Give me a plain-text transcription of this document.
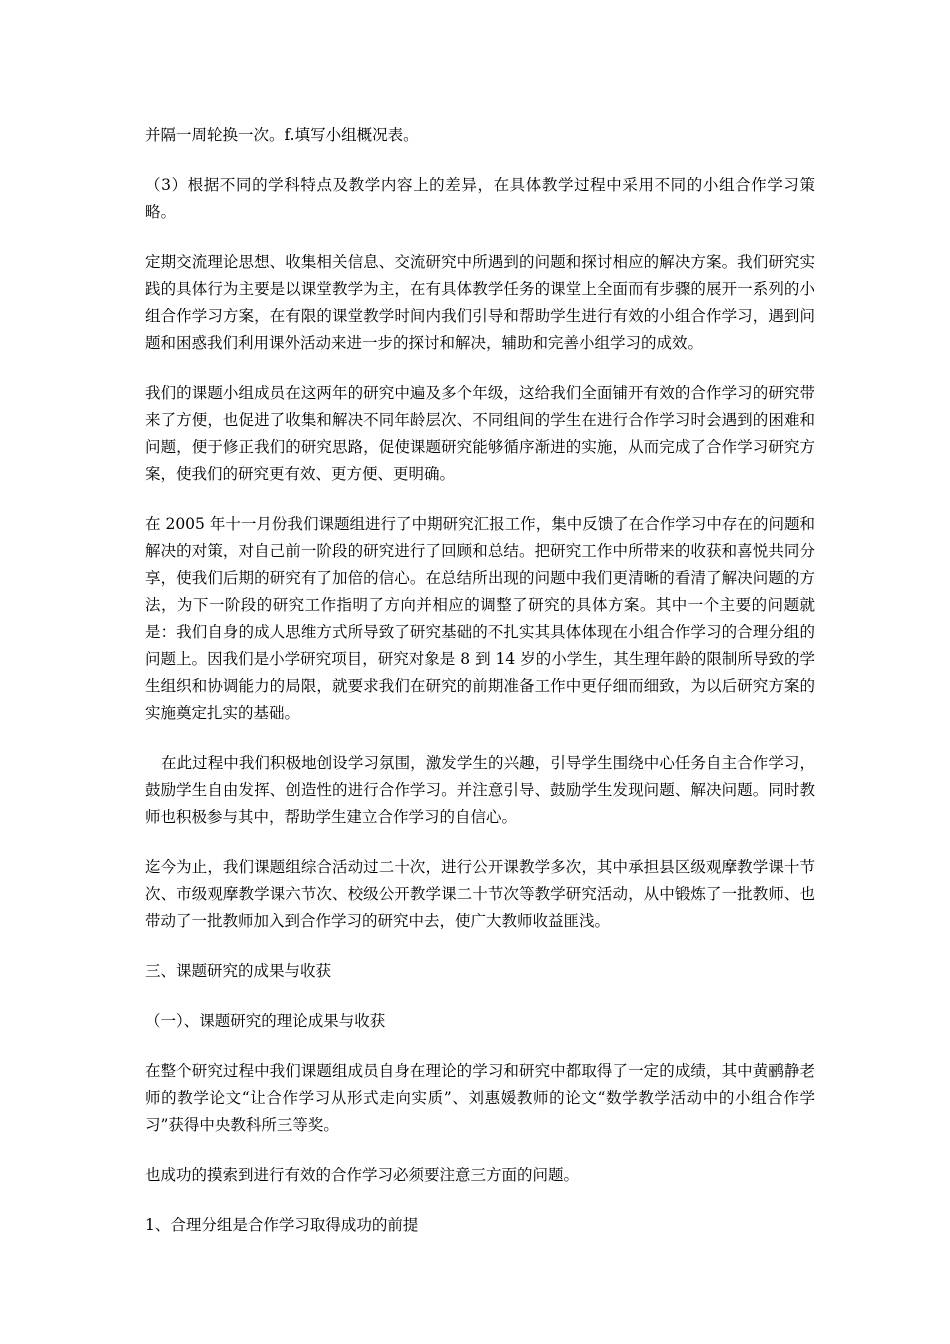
并隔一周轮换一次。f.填写小组概况表。

（3）根据不同的学科特点及教学内容上的差异，在具体教学过程中采用不同的小组合作学习策略。

定期交流理论思想、收集相关信息、交流研究中所遇到的问题和探讨相应的解决方案。我们研究实践的具体行为主要是以课堂教学为主，在有具体教学任务的课堂上全面而有步骤的展开一系列的小组合作学习方案，在有限的课堂教学时间内我们引导和帮助学生进行有效的小组合作学习，遇到问题和困惑我们利用课外活动来进一步的探讨和解决，辅助和完善小组学习的成效。

我们的课题小组成员在这两年的研究中遍及多个年级，这给我们全面铺开有效的合作学习的研究带来了方便，也促进了收集和解决不同年龄层次、不同组间的学生在进行合作学习时会遇到的困难和问题，便于修正我们的研究思路，促使课题研究能够循序渐进的实施，从而完成了合作学习研究方案，使我们的研究更有效、更方便、更明确。

在 2005 年十一月份我们课题组进行了中期研究汇报工作，集中反馈了在合作学习中存在的问题和解决的对策，对自己前一阶段的研究进行了回顾和总结。把研究工作中所带来的收获和喜悦共同分享，使我们后期的研究有了加倍的信心。在总结所出现的问题中我们更清晰的看清了解决问题的方法，为下一阶段的研究工作指明了方向并相应的调整了研究的具体方案。其中一个主要的问题就是：我们自身的成人思维方式所导致了研究基础的不扎实其具体体现在小组合作学习的合理分组的问题上。因我们是小学研究项目，研究对象是 8 到 14 岁的小学生，其生理年龄的限制所导致的学生组织和协调能力的局限，就要求我们在研究的前期准备工作中更仔细而细致，为以后研究方案的实施奠定扎实的基础。

在此过程中我们积极地创设学习氛围，激发学生的兴趣，引导学生围绕中心任务自主合作学习，鼓励学生自由发挥、创造性的进行合作学习。并注意引导、鼓励学生发现问题、解决问题。同时教师也积极参与其中，帮助学生建立合作学习的自信心。

迄今为止，我们课题组综合活动过二十次，进行公开课教学多次，其中承担县区级观摩教学课十节次、市级观摩教学课六节次、校级公开教学课二十节次等教学研究活动，从中锻炼了一批教师、也带动了一批教师加入到合作学习的研究中去，使广大教师收益匪浅。

三、课题研究的成果与收获

（一）、课题研究的理论成果与收获

在整个研究过程中我们课题组成员自身在理论的学习和研究中都取得了一定的成绩，其中黄鹂静老师的教学论文“让合作学习从形式走向实质”、刘惠媛教师的论文“数学教学活动中的小组合作学习”获得中央教科所三等奖。

也成功的摸索到进行有效的合作学习必须要注意三方面的问题。

1、合理分组是合作学习取得成功的前提
